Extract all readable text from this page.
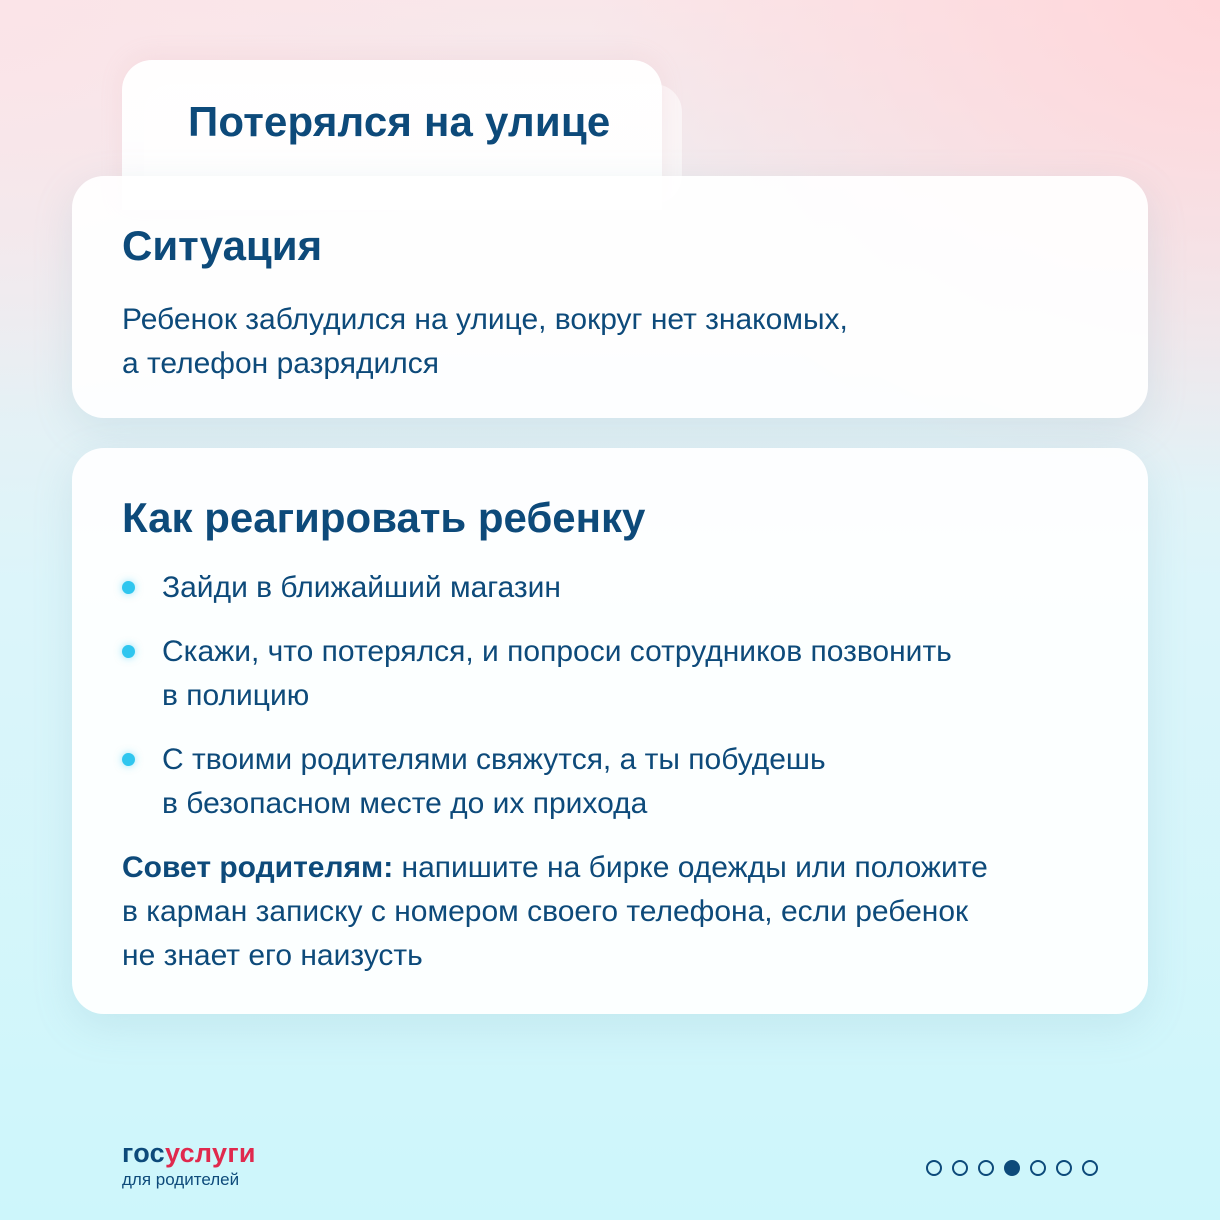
Потерялся на улице
Ситуация
Ребенок заблудился на улице, вокруг нет знакомых,
а телефон разрядился
Как реагировать ребенку
Зайди в ближайший магазин
Скажи, что потерялся, и попроси сотрудников позвонить
в полицию
С твоими родителями свяжутся, а ты побудешь
в безопасном месте до их прихода
Совет родителям: напишите на бирке одежды или положите
в карман записку с номером своего телефона, если ребенок
не знает его наизусть
госуслуги
для родителей
